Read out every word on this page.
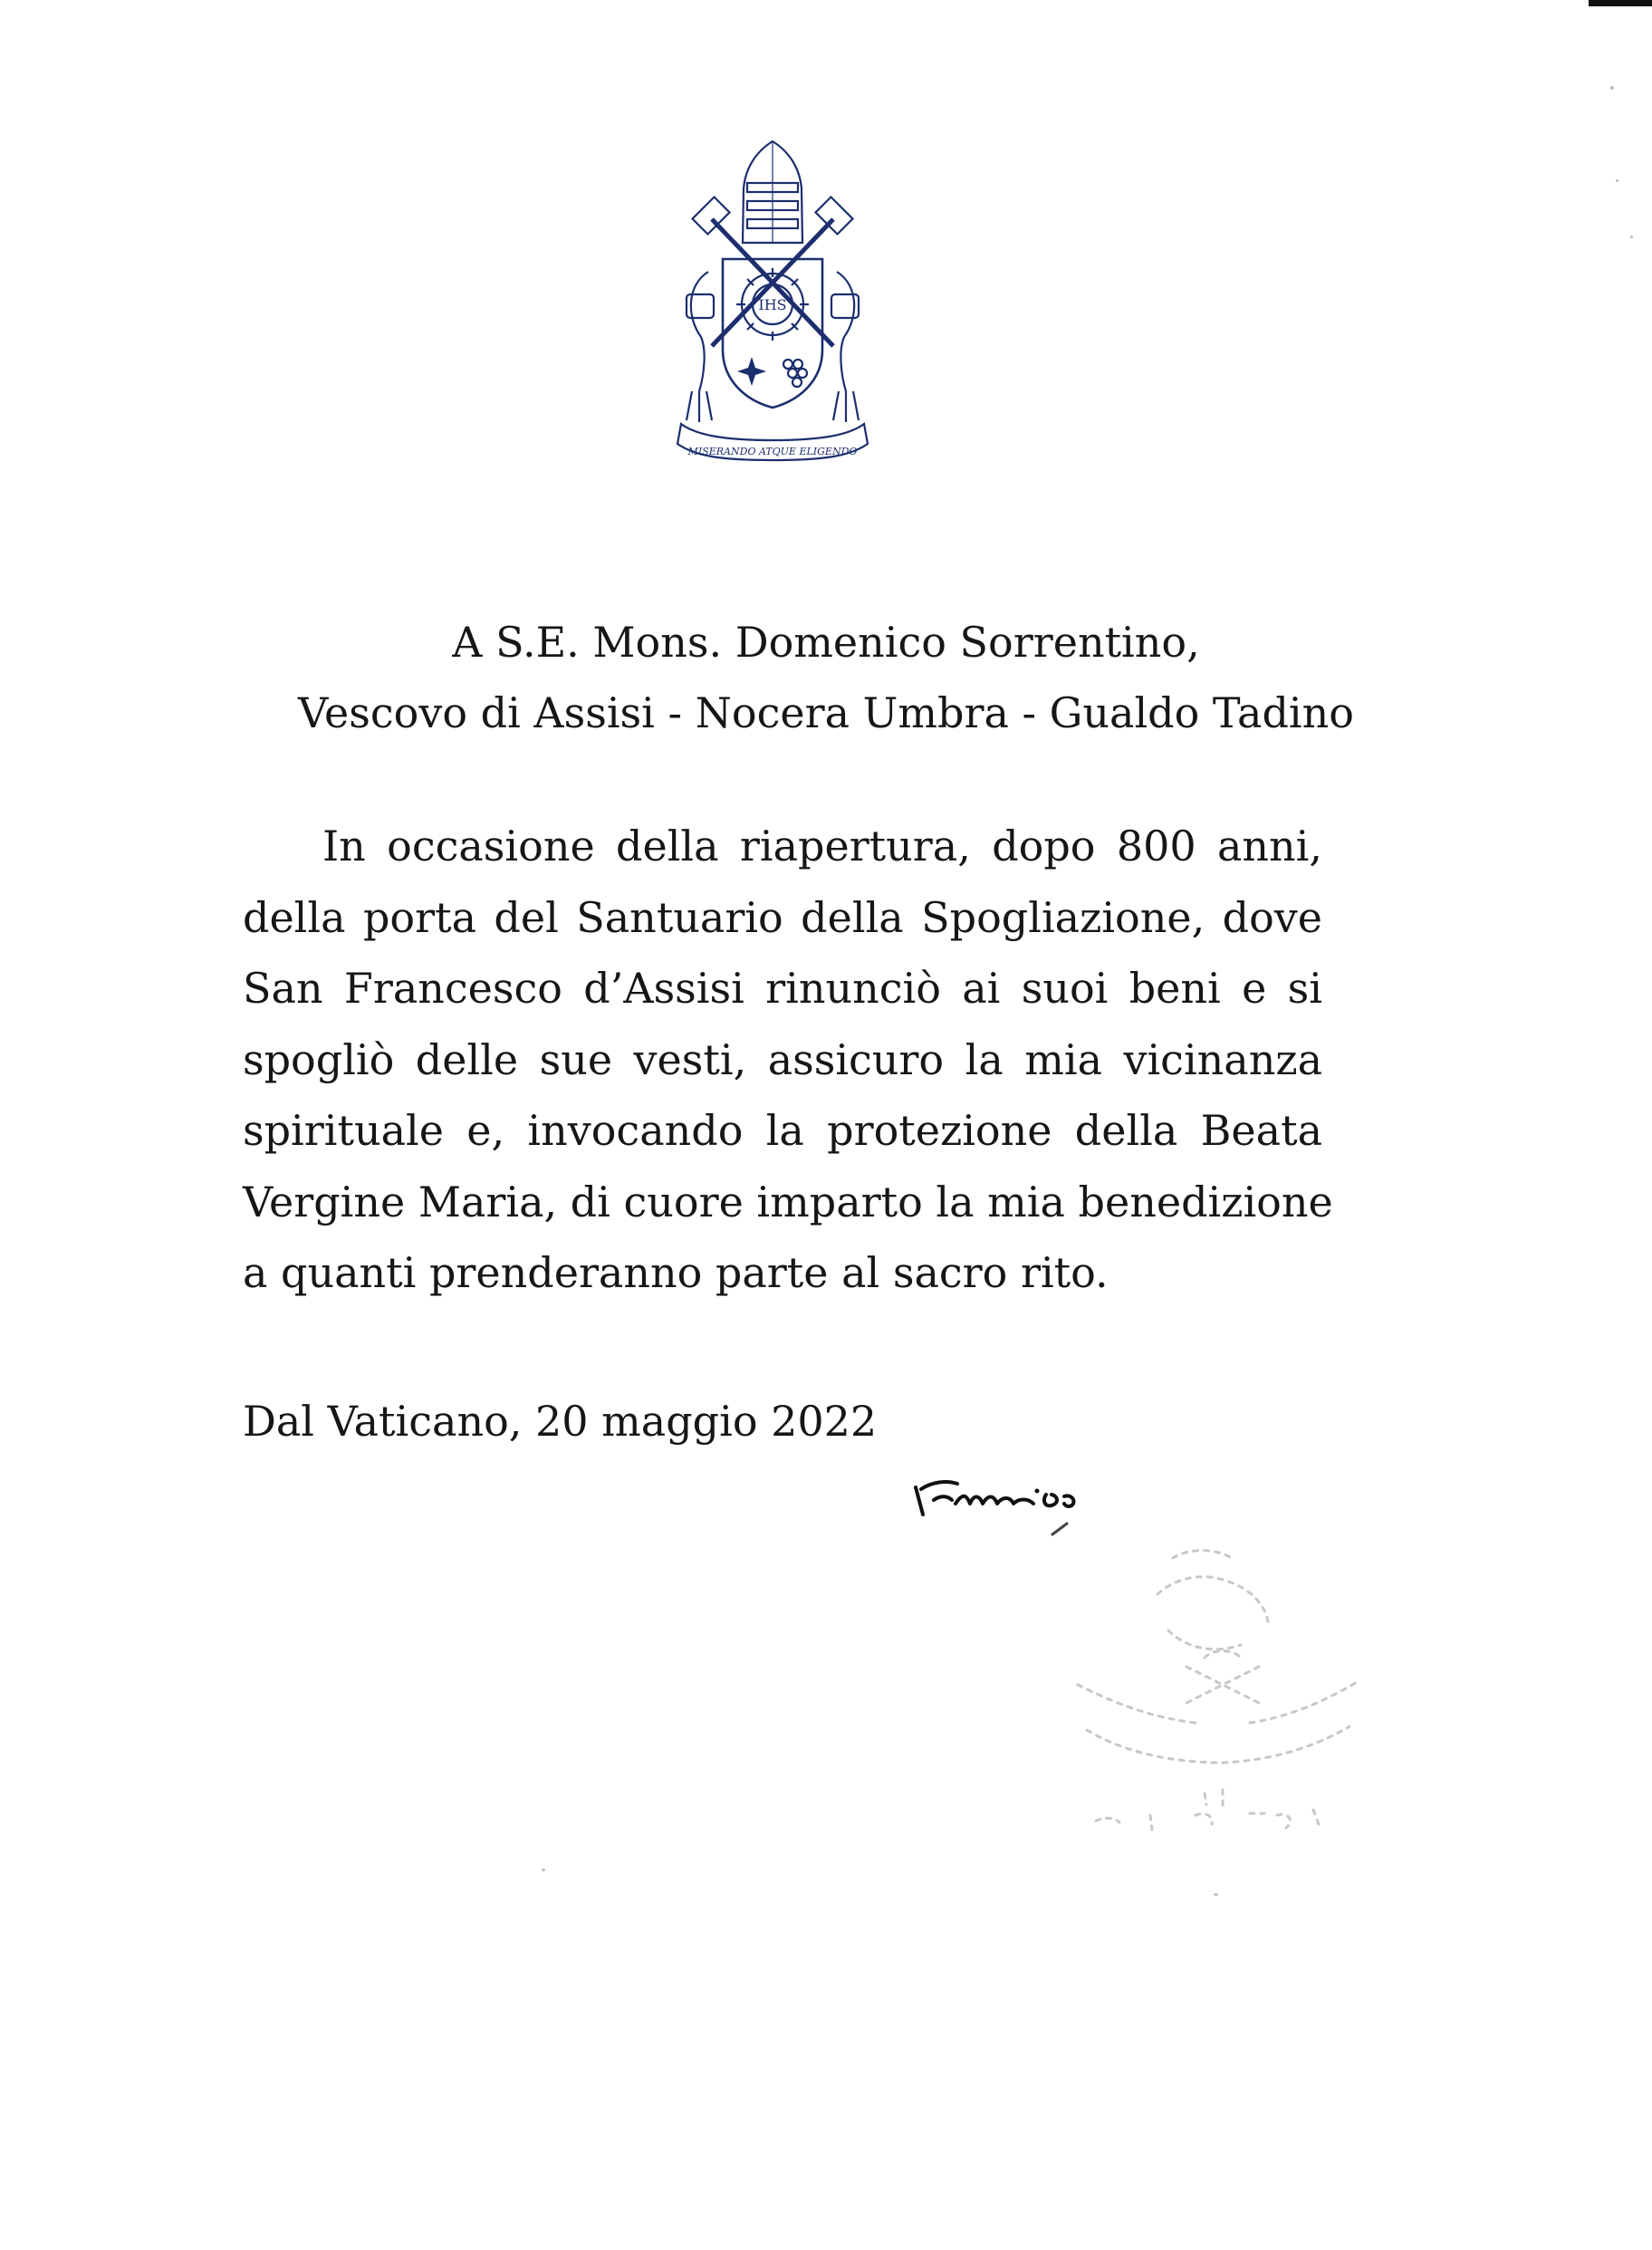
IHS
MISERANDO ATQUE ELIGENDO
A S.E. Mons. Domenico Sorrentino,
Vescovo di Assisi - Nocera Umbra - Gualdo Tadino
In occasione della riapertura, dopo 800 anni,
della porta del Santuario della Spogliazione, dove
San Francesco d’Assisi rinunciò ai suoi beni e si
spogliò delle sue vesti, assicuro la mia vicinanza
spirituale e, invocando la protezione della Beata
Vergine Maria, di cuore imparto la mia benedizione
a quanti prenderanno parte al sacro rito.
Dal Vaticano, 20 maggio 2022
